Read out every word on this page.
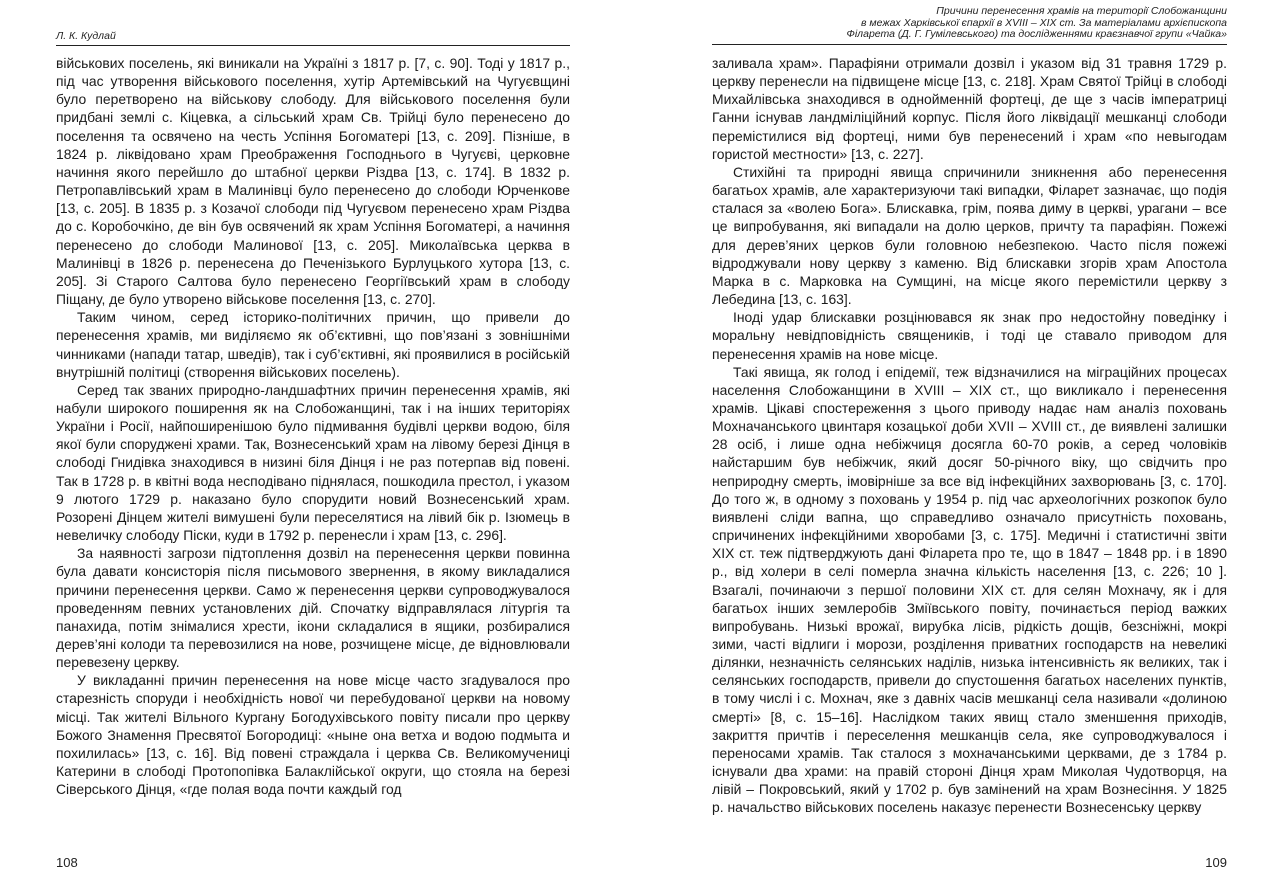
Л. К. Кудлай

військових поселень, які виникали на Україні з 1817 р. [7, с. 90]. Тоді у 1817 р., під час утворення військового поселення, хутір Артемівський на Чугуєвщині було перетворено на військову слободу. Для військового поселення були придбані землі с. Кіцевка, а сільський храм Св. Трійці було перенесено до поселення та освячено на честь Успіння Богоматері [13, с. 209]. Пізніше, в 1824 р. ліквідовано храм Преображення Господнього в Чугуєві, церковне начиння якого перейшло до штабної церкви Різдва [13, с. 174]. В 1832 р. Петропавлівський храм в Малинівці було перенесено до слободи Юрченкове [13, с. 205]. В 1835 р. з Козачої слободи під Чугуєвом перенесено храм Різдва до с. Коробочкіно, де він був освячений як храм Успіння Богоматері, а начиння перенесено до слободи Малинової [13, с. 205]. Миколаївська церква в Малинівці в 1826 р. перенесена до Печенізького Бурлуцького хутора [13, с. 205]. Зі Старого Салтова було перенесено Георгіївський храм в слободу Піщану, де було утворено військове поселення [13, с. 270].

Таким чином, серед історико-політичних причин, що привели до перенесення храмів, ми виділяємо як об’єктивні, що пов’язані з зовнішніми чинниками (напади татар, шведів), так і суб’єктивні, які проявилися в російській внутрішній політиці (створення військових поселень).

Серед так званих природно-ландшафтних причин перенесення храмів, які набули широкого поширення як на Слобожанщині, так і на інших територіях України і Росії, найпоширенішою було підмивання будівлі церкви водою, біля якої були споруджені храми. Так, Вознесенський храм на лівому березі Дінця в слободі Гнидівка знаходився в низині біля Дінця і не раз потерпав від повені. Так в 1728 р. в квітні вода несподівано піднялася, пошкодила престол, і указом 9 лютого 1729 р. наказано було спорудити новий Вознесенський храм. Розорені Дінцем жителі вимушені були переселятися на лівий бік р. Ізюмець в невеличку слободу Піски, куди в 1792 р. перенесли і храм [13, с. 296].

За наявності загрози підтоплення дозвіл на перенесення церкви повинна була давати консисторія після письмового звернення, в якому викладалися причини перенесення церкви. Само ж перенесення церкви супроводжувалося проведенням певних установлених дій. Спочатку відправлялася літургія та панахида, потім знімалися хрести, ікони складалися в ящики, розбиралися дерев’яні колоди та перевозилися на нове, розчищене місце, де відновлювали перевезену церкву.

У викладанні причин перенесення на нове місце часто згадувалося про старезність споруди і необхідність нової чи перебудованої церкви на новому місці. Так жителі Вільного Кургану Богодухівського повіту писали про церкву Божого Знамення Пресвятої Богородиці: «ныне она ветха и водою подмыта и похилилась» [13, с. 16]. Від повені страждала і церква Св. Великомучениці Катерини в слободі Протопопівка Балаклійської округи, що стояла на березі Сіверського Дінця, «где полая вода почти каждый год

108
Причини перенесення храмів на території Слобожанщини
в межах Харківської єпархії в XVIII – XIX ст. За матеріалами архієпископа
Філарета (Д. Г. Гумілевського) та дослідженнями краєзнавчої групи «Чайка»

заливала храм». Парафіяни отримали дозвіл і указом від 31 травня 1729 р. церкву перенесли на підвищене місце [13, с. 218]. Храм Святої Трійці в слободі Михайлівська знаходився в однойменній фортеці, де ще з часів імператриці Ганни існував ландміліційний корпус. Після його ліквідації мешканці слободи перемістилися від фортеці, ними був перенесений і храм «по невыгодам гористой местности» [13, с. 227].

Стихійні та природні явища спричинили зникнення або перенесення багатьох храмів, але характеризуючи такі випадки, Філарет зазначає, що подія сталася за «волею Бога». Блискавка, грім, поява диму в церкві, урагани – все це випробування, які випадали на долю церков, причту та парафіян. Пожежі для дерев’яних церков були головною небезпекою. Часто після пожежі відроджували нову церкву з каменю. Від блискавки згорів храм Апостола Марка в с. Марковка на Сумщині, на місце якого перемістили церкву з Лебедина [13, с. 163].

Іноді удар блискавки розцінювався як знак про недостойну поведінку і моральну невідповідність священиків, і тоді це ставало приводом для перенесення храмів на нове місце.

Такі явища, як голод і епідемії, теж відзначилися на міграційних процесах населення Слобожанщини в XVIII – XIX ст., що викликало і перенесення храмів. Цікаві спостереження з цього приводу надає нам аналіз поховань Мохначанського цвинтаря козацької доби XVII – XVIII ст., де виявлені залишки 28 осіб, і лише одна небіжчиця досягла 60-70 років, а серед чоловіків найстаршим був небіжчик, який досяг 50-річного віку, що свідчить про неприродну смерть, імовірніше за все від інфекційних захворювань [3, с. 170]. До того ж, в одному з поховань у 1954 р. під час археологічних розкопок було виявлені сліди вапна, що справедливо означало присутність поховань, спричинених інфекційними хворобами [3, с. 175]. Медичні і статистичні звіти XIX ст. теж підтверджують дані Філарета про те, що в 1847 – 1848 рр. і в 1890 р., від холери в селі померла значна кількість населення [13, с. 226; 10 ]. Взагалі, починаючи з першої половини XIX ст. для селян Мохначу, як і для багатьох інших землеробів Зміївського повіту, починається період важких випробувань. Низькі врожаї, вирубка лісів, рідкість дощів, безсніжні, мокрі зими, часті відлиги і морози, розділення приватних господарств на невеликі ділянки, незначність селянських наділів, низька інтенсивність як великих, так і селянських господарств, привели до спустошення багатьох населених пунктів, в тому числі і с. Мохнач, яке з давніх часів мешканці села називали «долиною смерті» [8, с. 15–16]. Наслідком таких явищ стало зменшення приходів, закриття причтів і переселення мешканців села, яке супроводжувалося і переносами храмів. Так сталося з мохначанськими церквами, де з 1784 р. існували два храми: на правій стороні Дінця храм Миколая Чудотворця, на лівій – Покровський, який у 1702 р. був замінений на храм Вознесіння. У 1825 р. начальство військових поселень наказує перенести Вознесенську церкву

109
